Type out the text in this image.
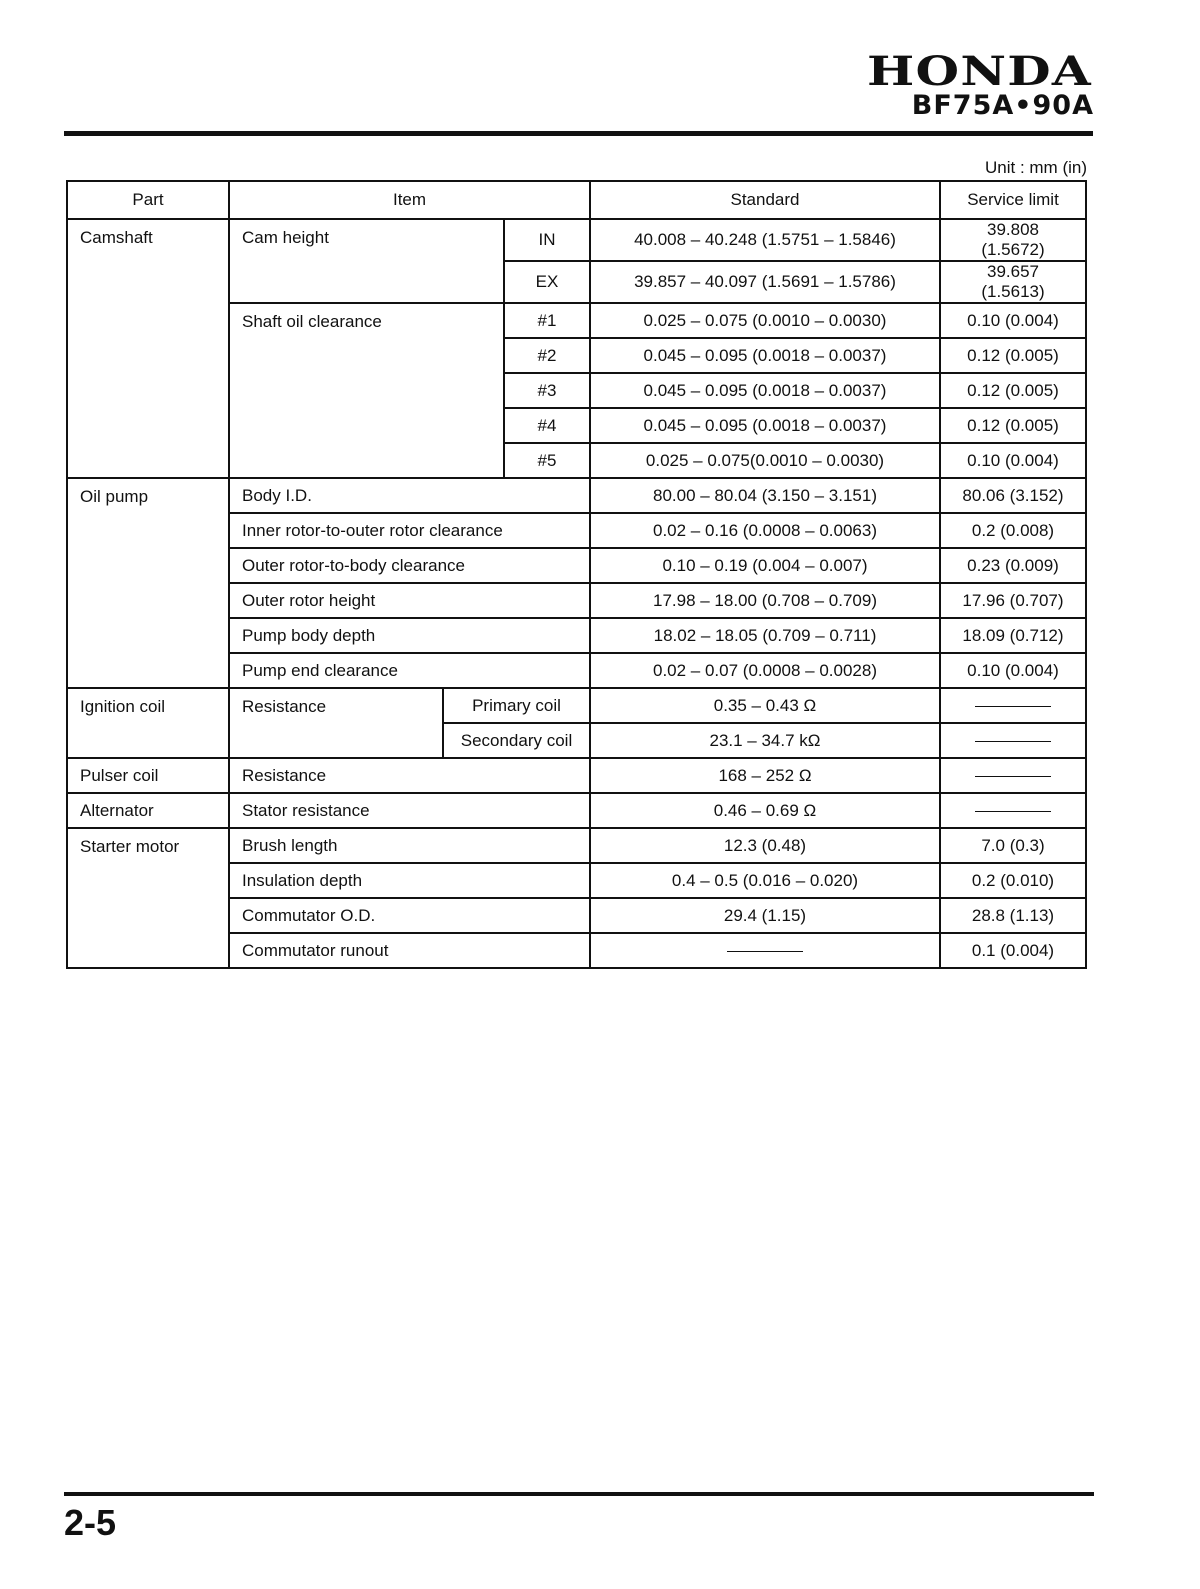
HONDA
BF75A•90A
Unit : mm (in)
Part	Item			Standard	Service limit
Camshaft	Cam height		IN	40.008 – 40.248 (1.5751 – 1.5846)	39.808 (1.5672)
			EX	39.857 – 40.097 (1.5691 – 1.5786)	39.657 (1.5613)
	Shaft oil clearance		#1	0.025 – 0.075 (0.0010 – 0.0030)	0.10 (0.004)
			#2	0.045 – 0.095 (0.0018 – 0.0037)	0.12 (0.005)
			#3	0.045 – 0.095 (0.0018 – 0.0037)	0.12 (0.005)
			#4	0.045 – 0.095 (0.0018 – 0.0037)	0.12 (0.005)
			#5	0.025 – 0.075(0.0010 – 0.0030)	0.10 (0.004)
Oil pump	Body I.D.			80.00 – 80.04 (3.150 – 3.151)	80.06 (3.152)
	Inner rotor-to-outer rotor clearance			0.02 – 0.16 (0.0008 – 0.0063)	0.2 (0.008)
	Outer rotor-to-body clearance			0.10 – 0.19 (0.004 – 0.007)	0.23 (0.009)
	Outer rotor height			17.98 – 18.00 (0.708 – 0.709)	17.96 (0.707)
	Pump body depth			18.02 – 18.05 (0.709 – 0.711)	18.09 (0.712)
	Pump end clearance			0.02 – 0.07 (0.0008 – 0.0028)	0.10 (0.004)
Ignition coil	Resistance	Primary coil		0.35 – 0.43 Ω	
		Secondary coil		23.1 – 34.7 kΩ	
Pulser coil	Resistance			168 – 252 Ω	
Alternator	Stator resistance			0.46 – 0.69 Ω	
Starter motor	Brush length			12.3 (0.48)	7.0 (0.3)
	Insulation depth			0.4 – 0.5 (0.016 – 0.020)	0.2 (0.010)
	Commutator O.D.			29.4 (1.15)	28.8 (1.13)
	Commutator runout				0.1 (0.004)
2-5
